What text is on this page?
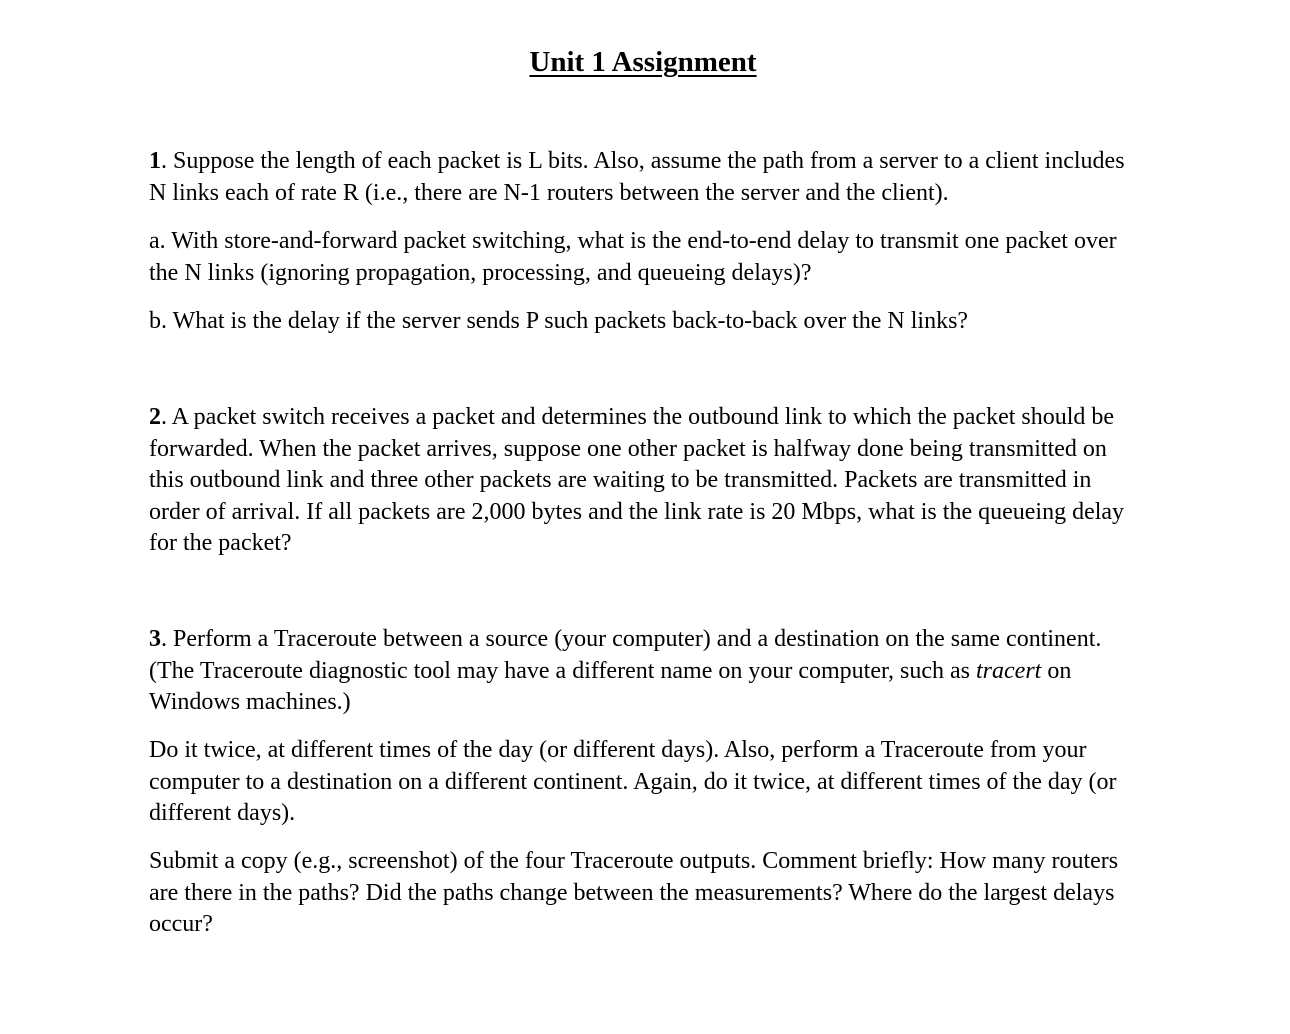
Unit 1 Assignment

1. Suppose the length of each packet is L bits. Also, assume the path from a server to a client includes N links each of rate R (i.e., there are N-1 routers between the server and the client).

a. With store-and-forward packet switching, what is the end-to-end delay to transmit one packet over the N links (ignoring propagation, processing, and queueing delays)?

b. What is the delay if the server sends P such packets back-to-back over the N links?

2. A packet switch receives a packet and determines the outbound link to which the packet should be forwarded. When the packet arrives, suppose one other packet is halfway done being transmitted on this outbound link and three other packets are waiting to be transmitted. Packets are transmitted in order of arrival. If all packets are 2,000 bytes and the link rate is 20 Mbps, what is the queueing delay for the packet?

3. Perform a Traceroute between a source (your computer) and a destination on the same continent. (The Traceroute diagnostic tool may have a different name on your computer, such as tracert on Windows machines.)

Do it twice, at different times of the day (or different days). Also, perform a Traceroute from your computer to a destination on a different continent. Again, do it twice, at different times of the day (or different days).

Submit a copy (e.g., screenshot) of the four Traceroute outputs. Comment briefly: How many routers are there in the paths? Did the paths change between the measurements? Where do the largest delays occur?
